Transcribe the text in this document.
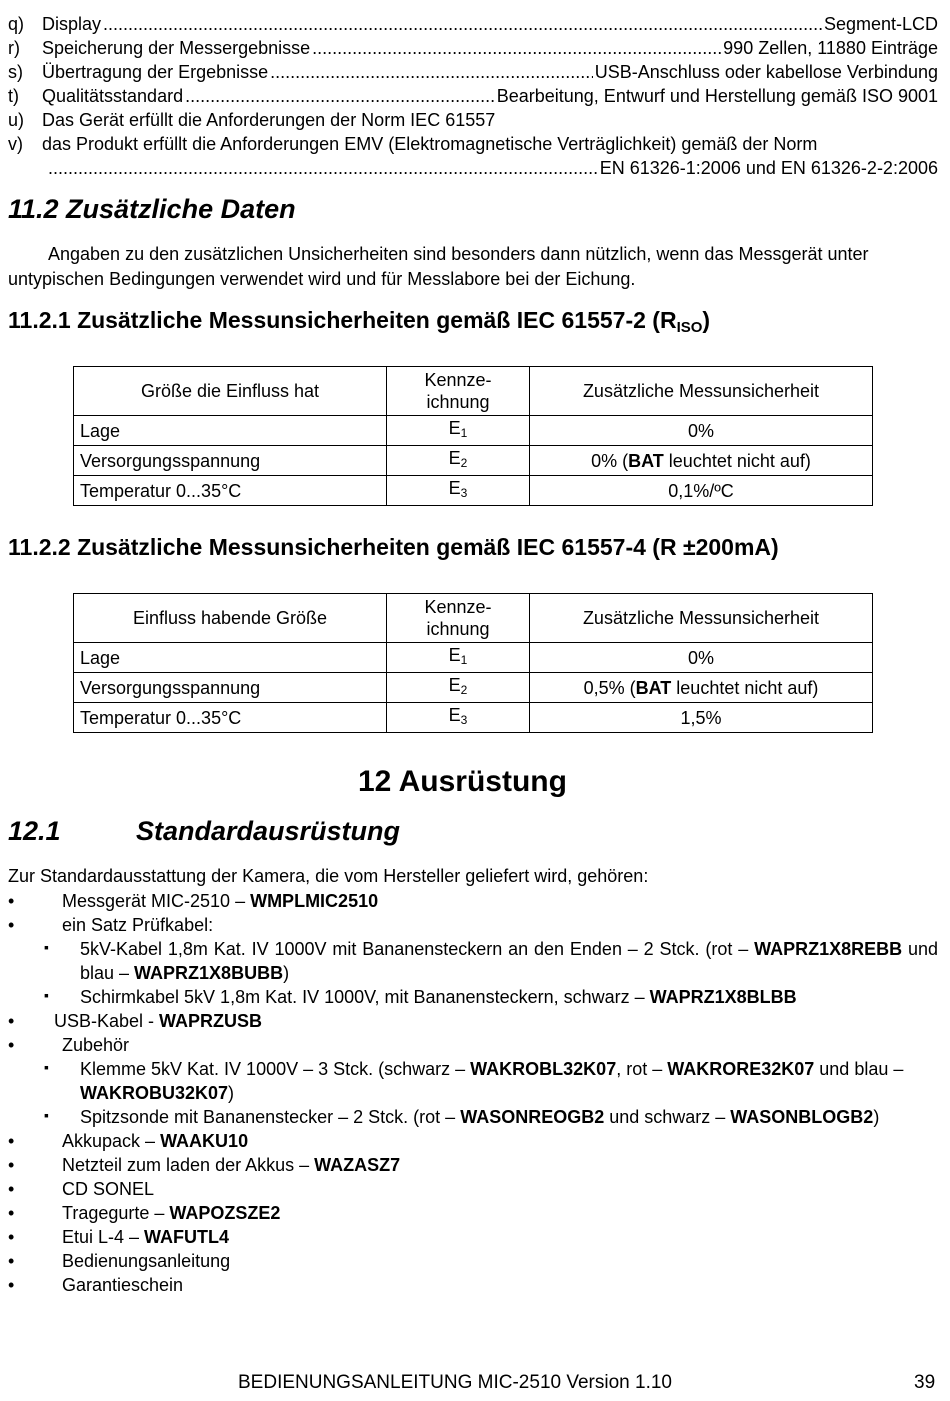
q) Display .....	Segment-LCD
r)	Speicherung der Messergebnisse .....	990 Zellen, 11880 Einträge
s)	Übertragung der Ergebnisse .....	USB-Anschluss oder kabellose Verbindung
t)	Qualitätsstandard .....	Bearbeitung, Entwurf und Herstellung gemäß ISO 9001
u) Das Gerät erfüllt die Anforderungen der Norm IEC 61557
v)	das Produkt erfüllt die Anforderungen EMV (Elektromagnetische Verträglichkeit) gemäß der Norm
.....
EN 61326-1:2006 und EN 61326-2-2:2006
11.2 Zusätzliche Daten
Angaben zu den zusätzlichen Unsicherheiten sind besonders dann nützlich, wenn das Messgerät unter untypischen Bedingungen verwendet wird und für Messlabore bei der Eichung.
11.2.1 Zusätzliche Messunsicherheiten gemäß IEC 61557-2 $(R_{ISO})$
Größe die Einfluss hat	Kennze-ichnung	Zusätzliche Messunsicherheit
Lage	$E_1$	0%
Versorgungsspannung	$E_2$	0% (BAT leuchtet nicht auf)
Temperatur 0...35°C	$E_3$	0,1%/ºC
11.2.2 Zusätzliche Messunsicherheiten gemäß IEC 61557-4 (R ±200mA)
Einfluss habende Größe	Kennze-ichnung	Zusätzliche Messunsicherheit
Lage	$E_1$	0%
Versorgungsspannung	$E_2$	0,5% (BAT leuchtet nicht auf)
Temperatur 0...35°C	$E_3$	1,5%
12 Ausrüstung
12.1	Standardausrüstung
Zur Standardausstattung der Kamera, die vom Hersteller geliefert wird, gehören:
•	Messgerät MIC-2510 – WMPLMIC2510
•	ein Satz Prüfkabel:
▪ 5kV-Kabel 1,8m Kat. IV 1000V mit Bananensteckern an den Enden – 2 Stck. (rot – WAPRZ1X8REBB und blau – WAPRZ1X8BUBB)
▪ Schirmkabel 5kV 1,8m Kat. IV 1000V, mit Bananensteckern, schwarz – WAPRZ1X8BLBB
• USB-Kabel - WAPRZUSB
•	Zubehör
▪ Klemme 5kV Kat. IV 1000V – 3 Stck. (schwarz – WAKROBL32K07, rot – WAKRORE32K07 und blau – WAKROBU32K07)
▪ Spitzsonde mit Bananenstecker – 2 Stck. (rot – WASONREOGB2 und schwarz – WASONBLOGB2)
•	Akkupack – WAAKU10
•	Netzteil zum laden der Akkus – WAZASZ7
•	CD SONEL
•	Tragegurte – WAPOZSZE2
•	Etui L-4 – WAFUTL4
•	Bedienungsanleitung
•	Garantieschein
BEDIENUNGSANLEITUNG MIC-2510 Version 1.10	39
